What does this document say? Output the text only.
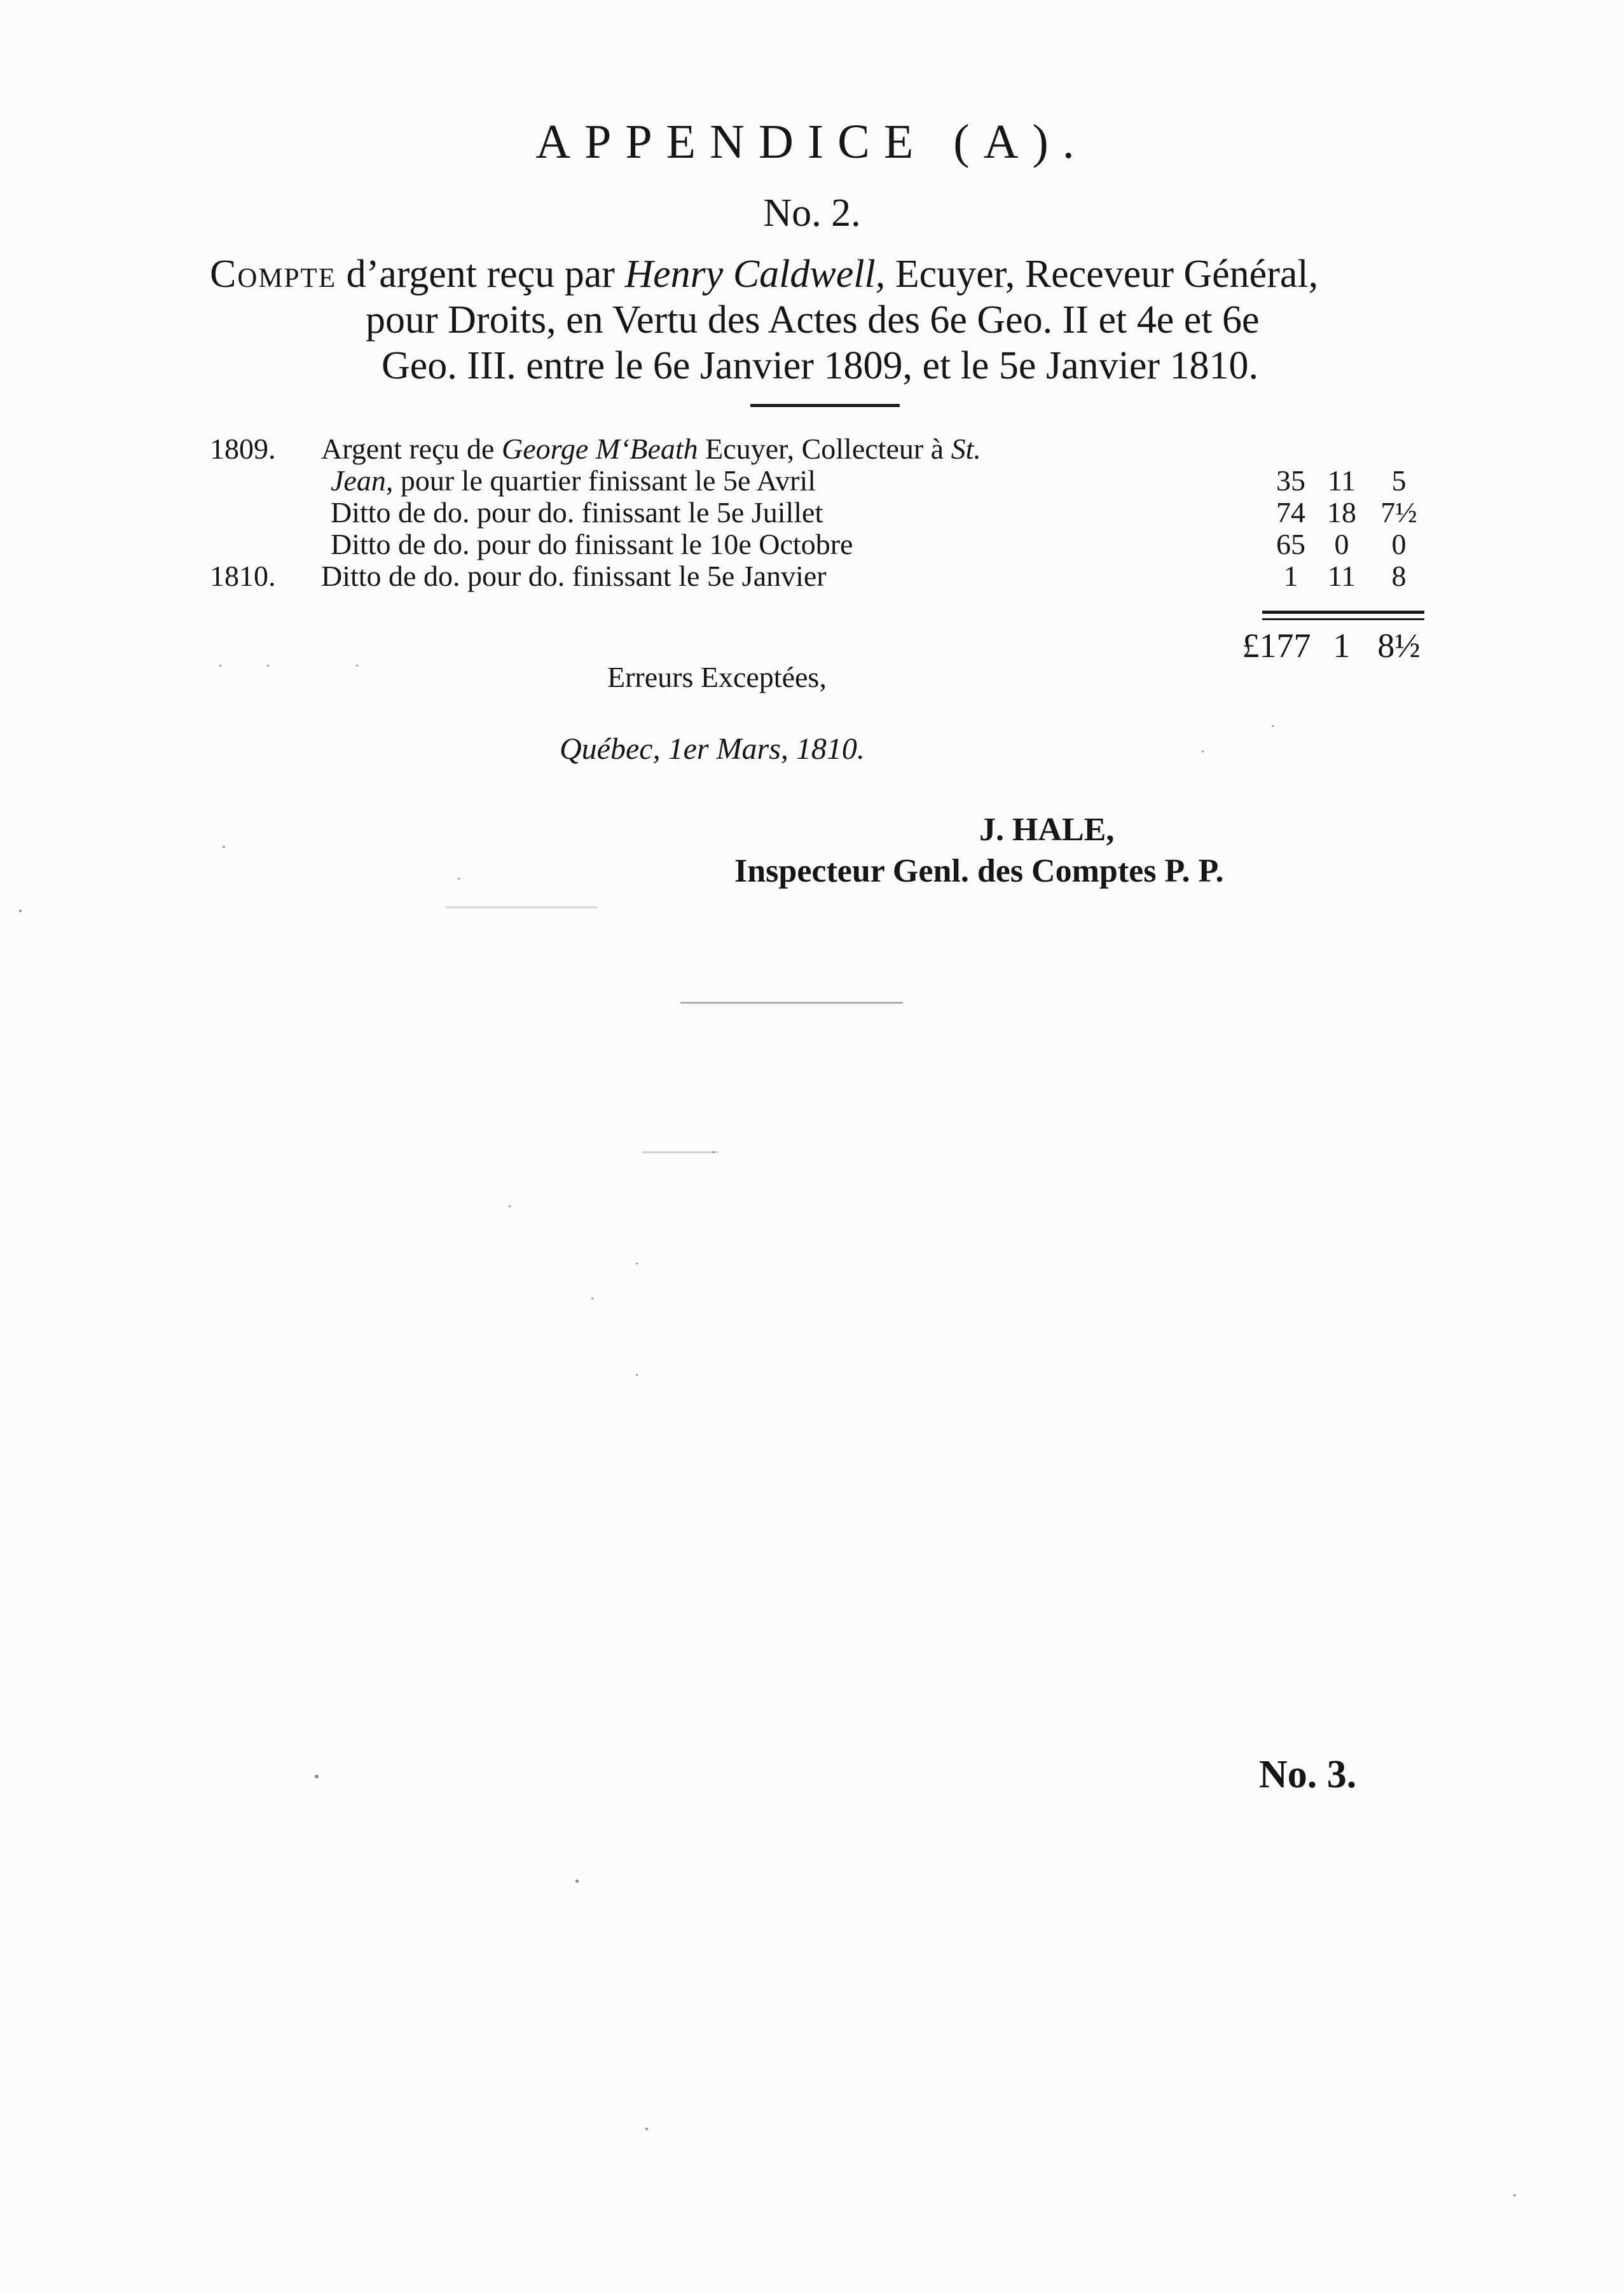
APPENDICE (A).
No. 2.
Compte d’argent reçu par Henry Caldwell, Ecuyer, Receveur Général,
pour Droits, en Vertu des Actes des 6e Geo. II et 4e et 6e
Geo. III. entre le 6e Janvier 1809, et le 5e Janvier 1810.
1809. Argent reçu de George M‘Beath Ecuyer, Collecteur à St.
Jean, pour le quartier finissant le 5e Avril	35 11	5
Ditto de do. pour do. finissant le 5e Juillet	74 18 7½
Ditto de do. pour do finissant le 10e Octobre	65 0	0
1810. Ditto de do. pour do. finissant le 5e Janvier	1	11	8
£177 1 8½
Erreurs Exceptées,
Québec, 1er Mars, 1810.
J. HALE,
Inspecteur Genl. des Comptes P. P.
No. 3.
